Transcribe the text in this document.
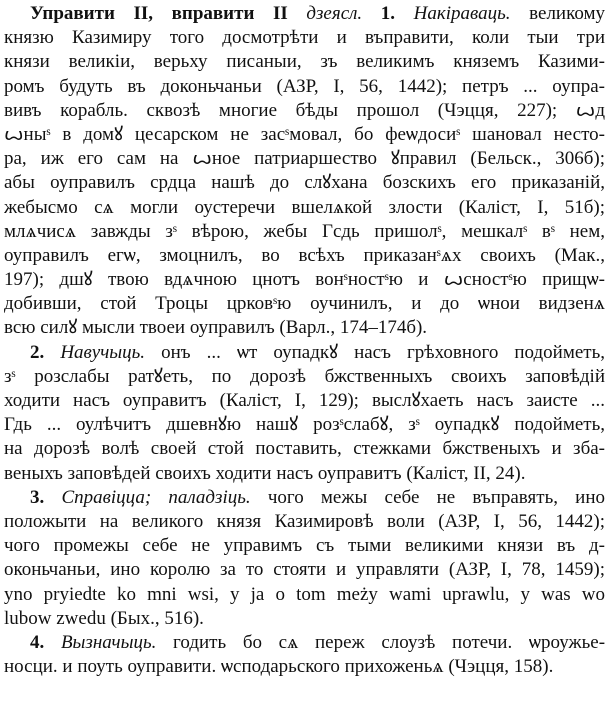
Управити II, вправити II дзеясл. 1. Накіраваць. великому
князю Казимиру того досмотрѣти и въправити, коли тыи три
князи великіи, верьху писаныи, зъ великимъ княземъ Казими-
ромъ будуть въ доконьчаньи (АЗР, I, 56, 1442); петръ ... оупра-
вивъ корабль. сквозѣ многие бѣды прошол (Чэцця, 227); ꙍд
ꙍныˢ в домꙋ цесарском не засˢмовал, бо феѡдосиˢ шановал несто-
ра, иж его сам на ꙍное патриаршество ꙋправил (Бельск., 306б);
абы оуправилъ срдца нашѣ до слꙋхана бозскихъ его приказаній,
жебысмо сѧ могли оустеречи вшелѧкой злости (Каліст, I, 51б);
млѧчисѧ завжды зˢ вѣрою, жебы Гсдь пришолˢ, мешкалˢ вˢ нем,
оуправилъ егѡ, змоцнилъ, во всѣхъ приказанˢѧх своихъ (Мак.,
197); дшꙋ твою вдѧчною цнотъ вонˢностˢю и ꙍсностˢю прищѡ-
добивши, стой Троцы црковˢю оучинилъ, и до ѡнои видзенѧ
всю силꙋ мысли твоеи оуправилъ (Варл., 174–174б).
2. Навучыць. онъ ... ѡт оупадкꙋ насъ грѣховного подойметь,
зˢ розслабы ратꙋеть, по дорозѣ бжственныхъ своихъ заповѣдій
ходити насъ оуправитъ (Каліст, I, 129); выслꙋхаеть насъ заисте ...
Гдь ... оулѣчитъ дшевнꙋю нашꙋ розˢслабꙋ, зˢ оупадкꙋ подойметь,
на дорозѣ волѣ своей стой поставить, стежками бжственыхъ и збa-
веныхъ заповѣдей своихъ ходити насъ оуправитъ (Каліст, II, 24).
3. Справіцца; паладзіць. чого межы себе не въправять, ино
положыти на великого князя Казимировѣ воли (АЗР, I, 56, 1442);
чого промежы себе не управимъ съ тыми великими князи въ д-
оконьчаньи, ино королю за то стояти и управляти (АЗР, I, 78, 1459);
yno pryiedte ko mni wsi, y ja o tom meży wami uprawlu, y was wo
lubow zwedu (Бых., 516).
4. Вызначыць. годить бо сѧ переж слоузѣ потечи. ѡроужье-
носци. и поуть оуправити. ѡсподарьского прихоженьѧ (Чэцця, 158).
